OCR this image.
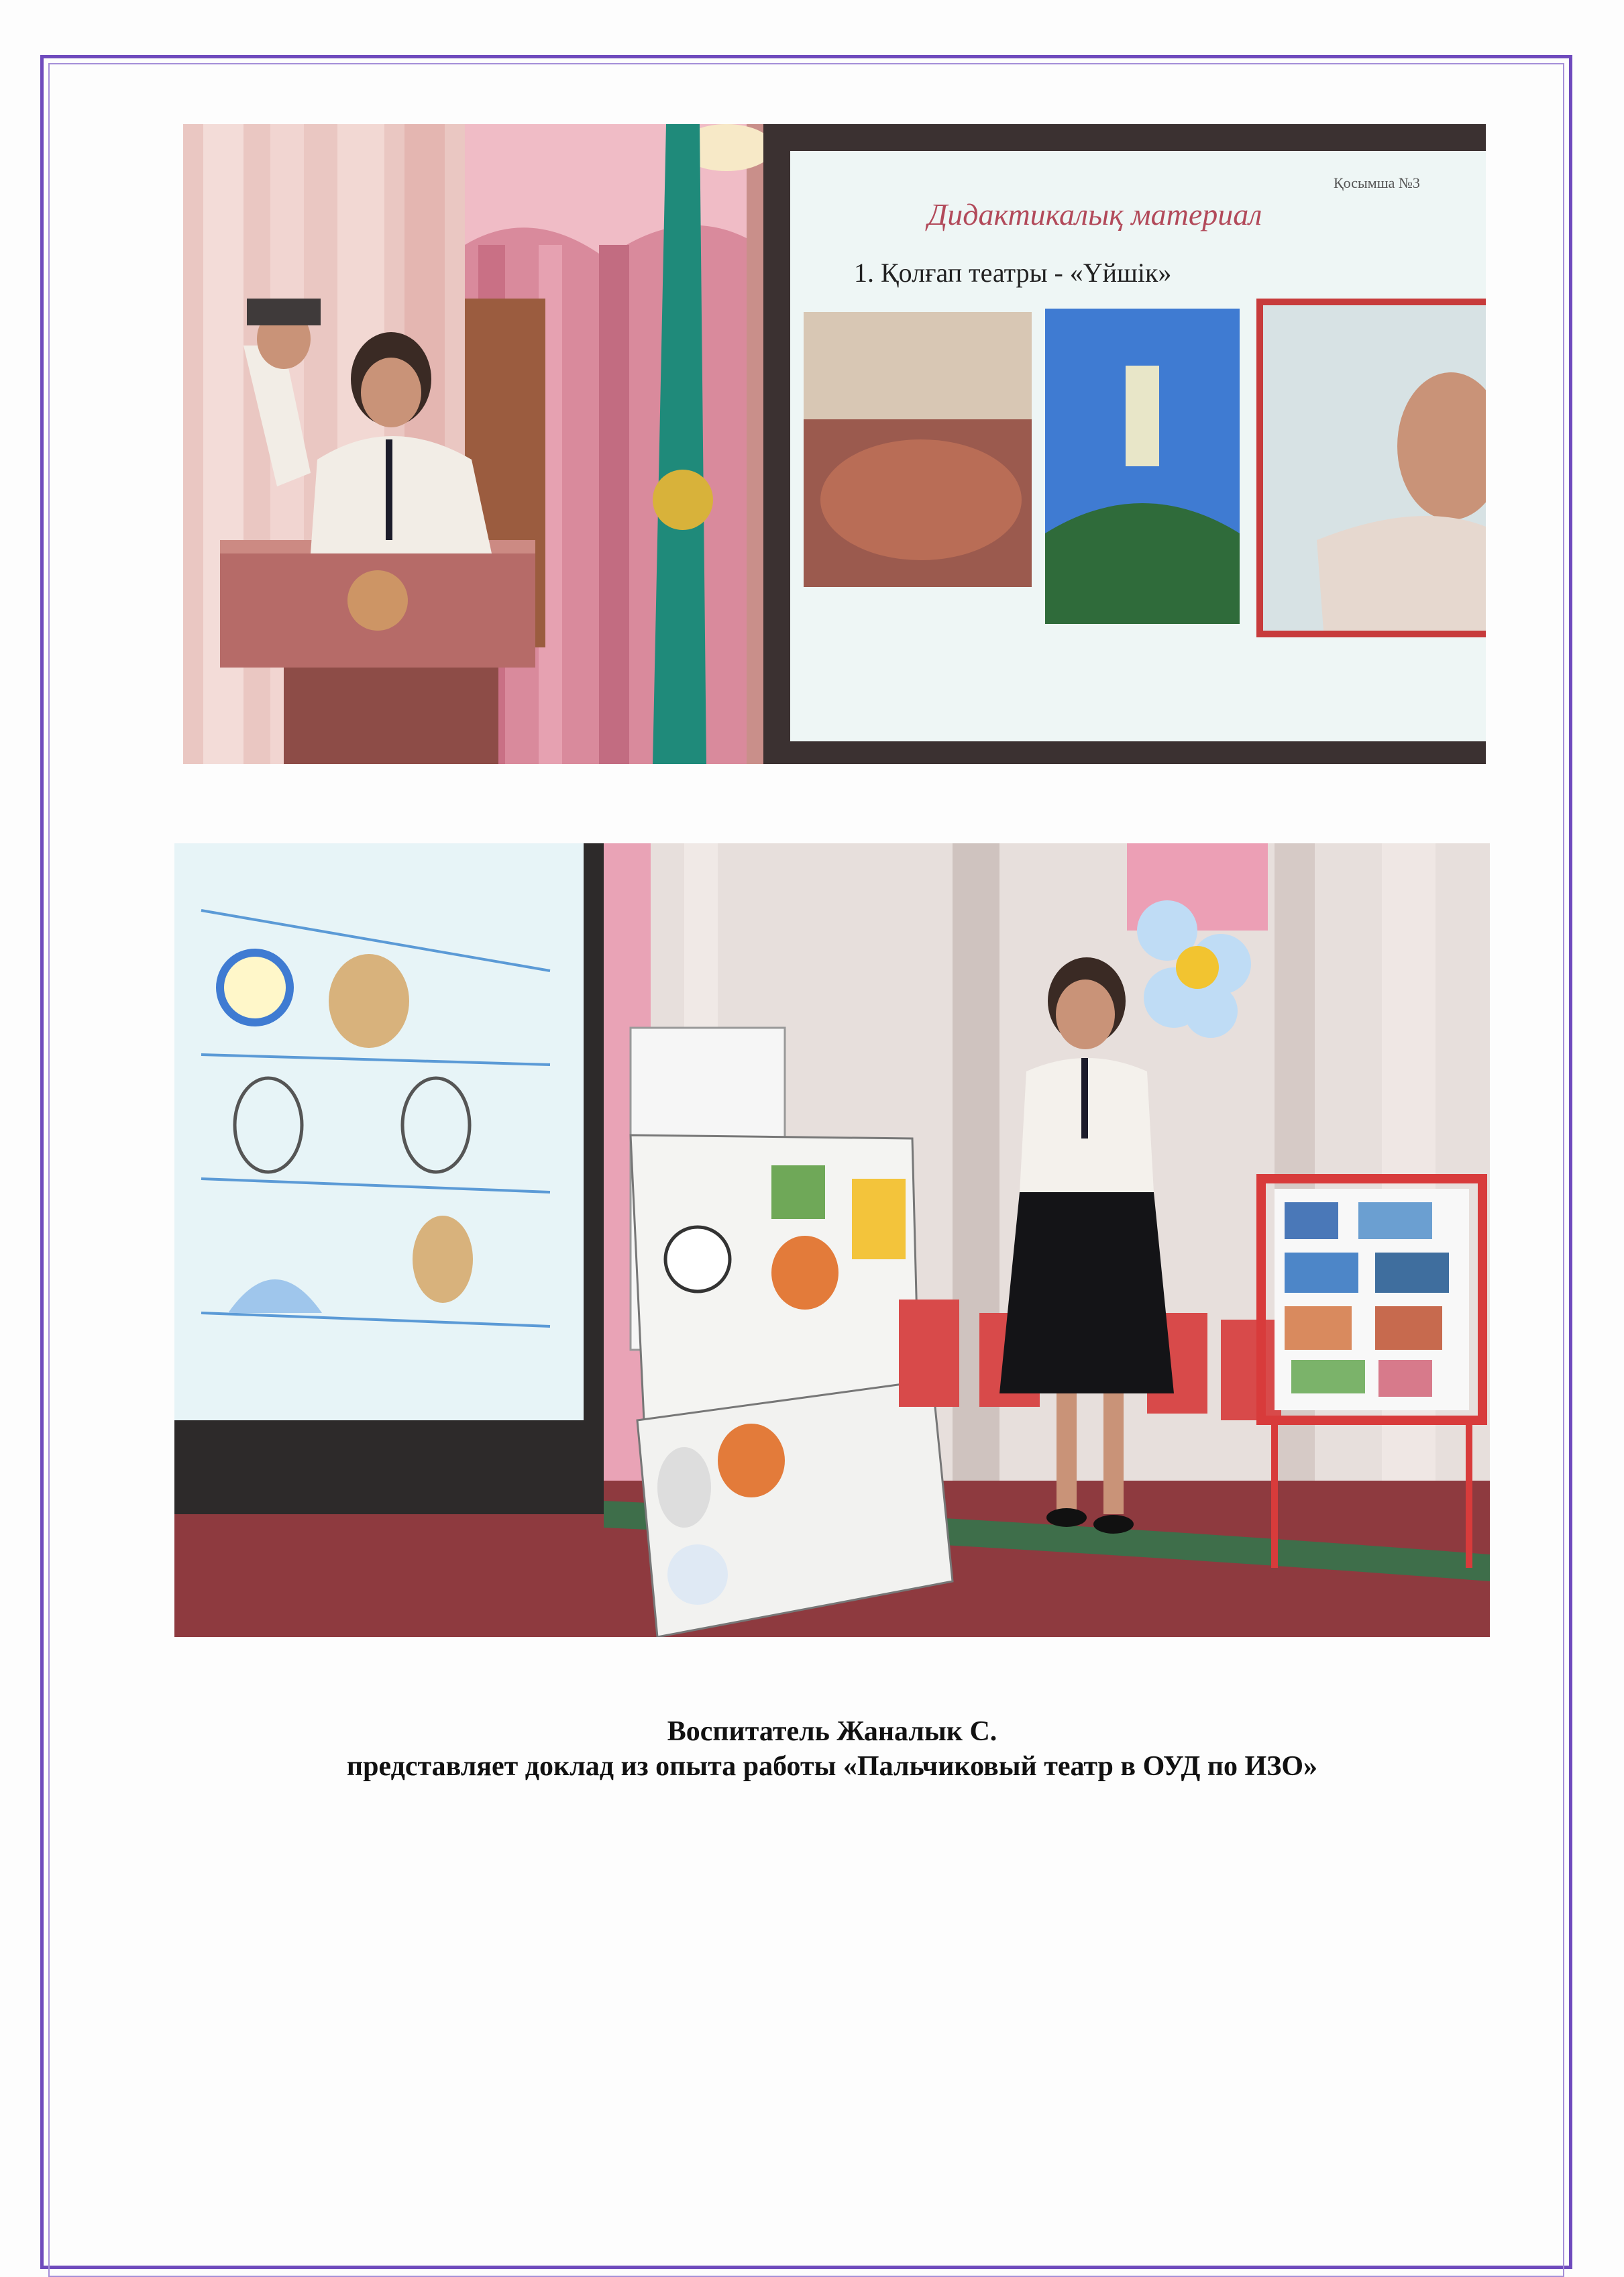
Қосымша №3
Дидактикалық материал
1. Қолғап театры - «Үйшік»
Воспитатель Жаналык С.
представляет доклад из опыта работы «Пальчиковый театр в ОУД по ИЗО»
